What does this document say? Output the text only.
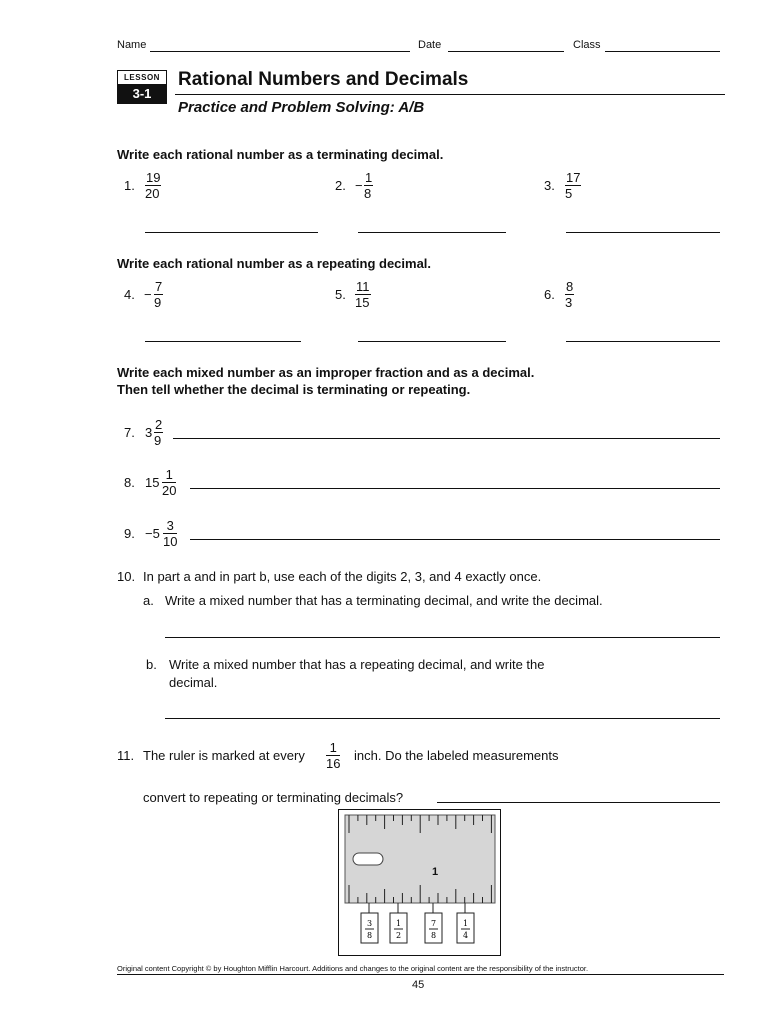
Name	Date	Class
LESSON
3-1
Rational Numbers and Decimals
Practice and Problem Solving: A/B
Write each rational number as a terminating decimal.
1. $\frac{19}{20}$	2. − $\frac{1}{8}$	3. $\frac{17}{5}$
Write each rational number as a repeating decimal.
4. − $\frac{7}{9}$	5. $\frac{11}{15}$	6. $\frac{8}{3}$
Write each mixed number as an improper fraction and as a decimal.
Then tell whether the decimal is terminating or repeating.
7. $3 \frac{2}{9}$
8. $15 \frac{1}{20}$
9. $-5 \frac{3}{10}$
10. In part a and in part b, use each of the digits 2, 3, and 4 exactly once.
a. Write a mixed number that has a terminating decimal, and write the decimal.
b. Write a mixed number that has a repeating decimal, and write the
decimal.
11. The ruler is marked at every $\frac{1}{16}$ inch. Do the labeled measurements
convert to repeating or terminating decimals?
3
8
1
2
7
8
1
4
1
Original content Copyright © by Houghton Mifflin Harcourt. Additions and changes to the original content are the responsibility of the instructor.
45
